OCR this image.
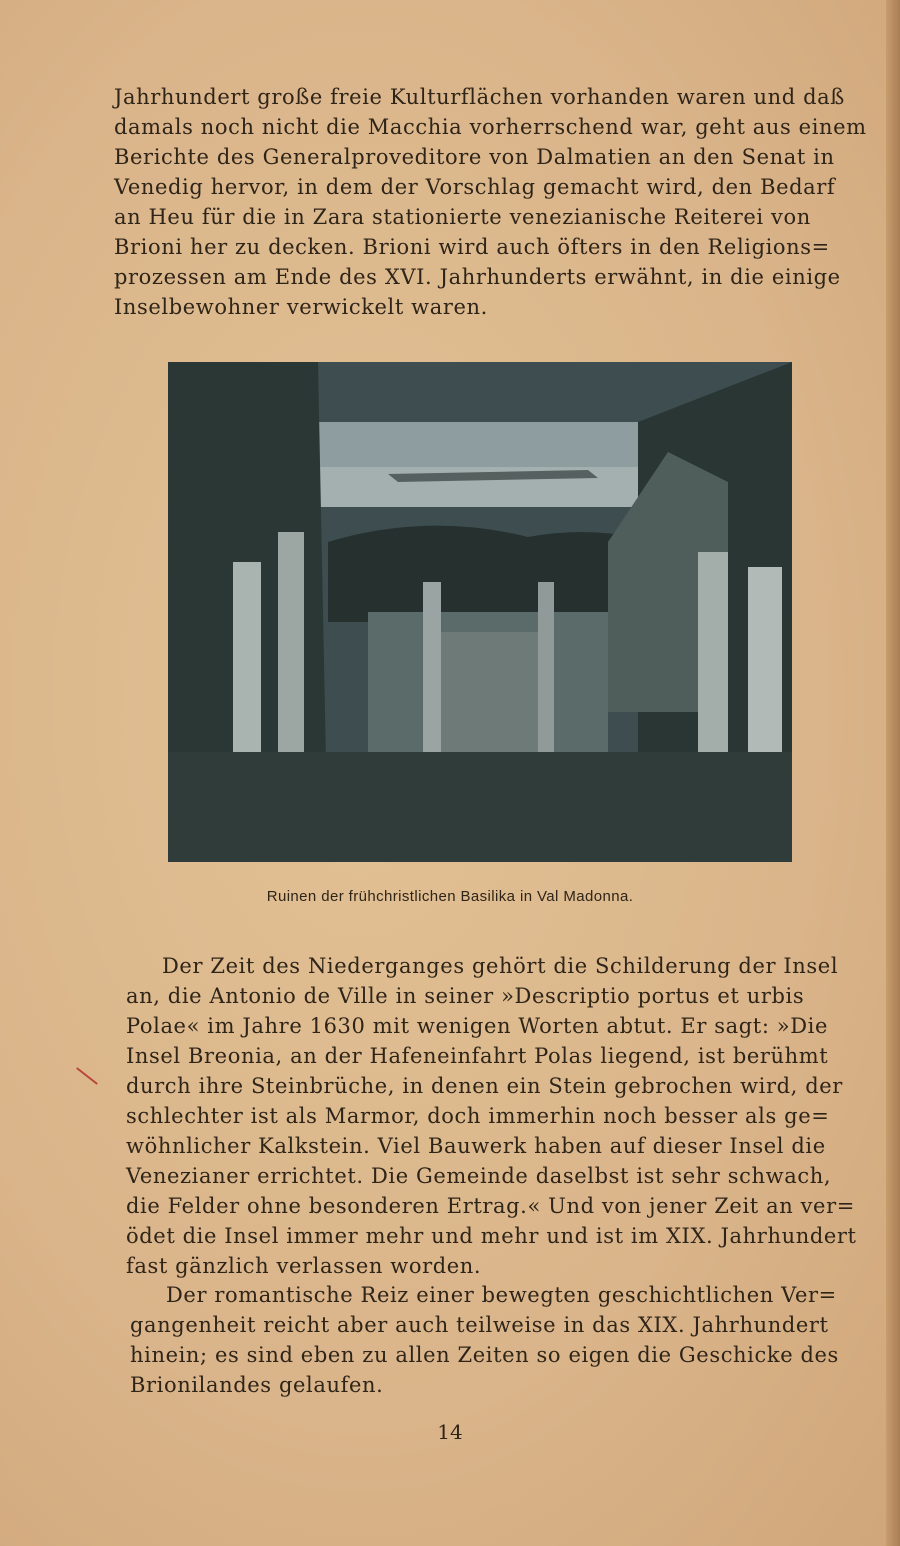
Jahrhundert große freie Kulturflächen vorhanden waren und daß
damals noch nicht die Macchia vorherrschend war, geht aus einem
Berichte des Generalproveditore von Dalmatien an den Senat in
Venedig hervor, in dem der Vorschlag gemacht wird, den Bedarf
an Heu für die in Zara stationierte venezianische Reiterei von
Brioni her zu decken. Brioni wird auch öfters in den Religions=
prozessen am Ende des XVI. Jahrhunderts erwähnt, in die einige
Inselbewohner verwickelt waren.

Ruinen der frühchristlichen Basilika in Val Madonna.

Der Zeit des Niederganges gehört die Schilderung der Insel
an, die Antonio de Ville in seiner »Descriptio portus et urbis
Polae« im Jahre 1630 mit wenigen Worten abtut. Er sagt: »Die
Insel Breonia, an der Hafeneinfahrt Polas liegend, ist berühmt
durch ihre Steinbrüche, in denen ein Stein gebrochen wird, der
schlechter ist als Marmor, doch immerhin noch besser als ge=
wöhnlicher Kalkstein. Viel Bauwerk haben auf dieser Insel die
Venezianer errichtet. Die Gemeinde daselbst ist sehr schwach,
die Felder ohne besonderen Ertrag.« Und von jener Zeit an ver=
ödet die Insel immer mehr und mehr und ist im XIX. Jahrhundert
fast gänzlich verlassen worden.

Der romantische Reiz einer bewegten geschichtlichen Ver=
gangenheit reicht aber auch teilweise in das XIX. Jahrhundert
hinein; es sind eben zu allen Zeiten so eigen die Geschicke des
Brionilandes gelaufen.

14
